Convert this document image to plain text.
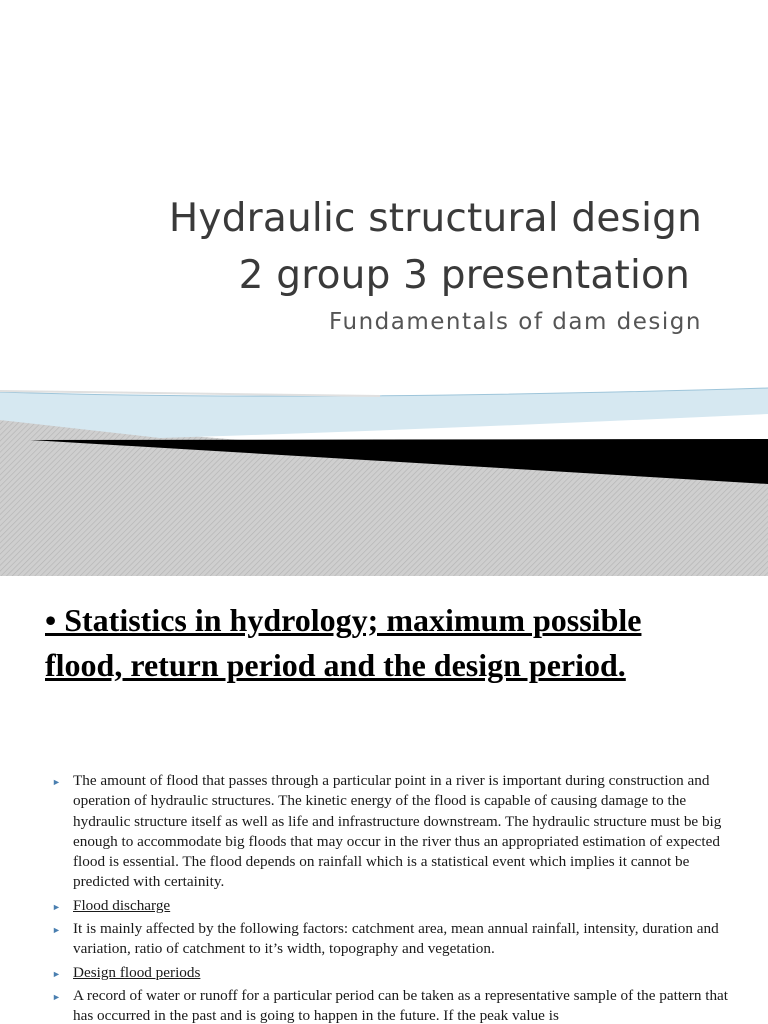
Hydraulic structural design
2 group 3 presentation
Fundamentals of dam design
• Statistics in hydrology; maximum possible flood, return period and the design period.
► The amount of flood that passes through a particular point in a river is important during construction and operation of hydraulic structures. The kinetic energy of the flood is capable of causing damage to the hydraulic structure itself as well as life and infrastructure downstream. The hydraulic structure must be big enough to accommodate big floods that may occur in the river thus an appropriated estimation of expected flood is essential. The flood depends on rainfall which is a statistical event which implies it cannot be predicted with certainity.
► Flood discharge
► It is mainly affected by the following factors: catchment area, mean annual rainfall, intensity, duration and variation, ratio of catchment to it’s width, topography and vegetation.
► Design flood periods
► A record of water or runoff for a particular period can be taken as a representative sample of the pattern that has occurred in the past and is going to happen in the future. If the peak value is
